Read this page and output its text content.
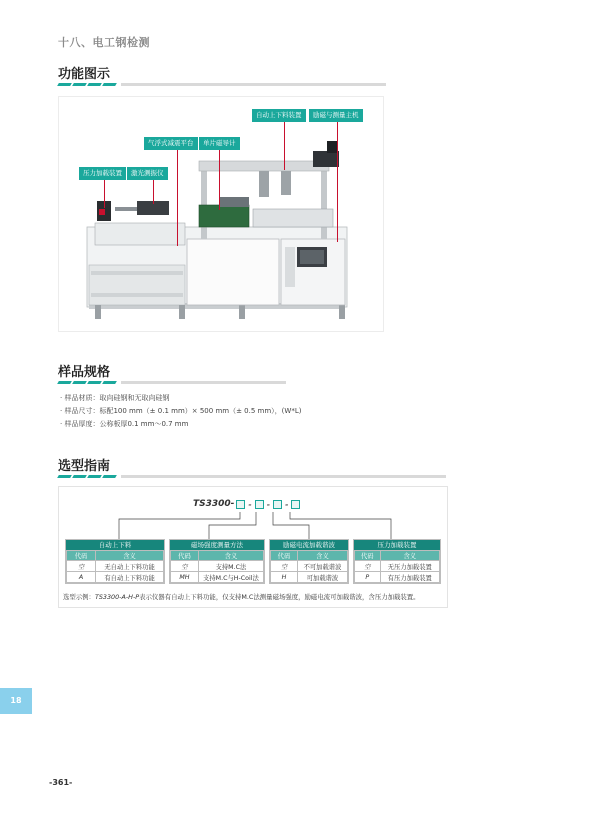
十八、电工钢检测
功能图示
自动上下料装置	励磁与测量主机
气浮式减震平台	单片磁导计
压力加载装置	激光测振仪
样品规格
· 样品材质：取向硅钢和无取向硅钢
· 样品尺寸：标配100 mm（± 0.1 mm）× 500 mm（± 0.5 mm），(W*L)
· 样品厚度：公称板厚0.1 mm～0.7 mm
选型指南
TS3300- - - -
自动上下料
代码	含义
空	无自动上下料功能
A	有自动上下料功能
磁场强度测量方法
代码	含义
空	支持M.C法
MH	支持M.C与H-Coil法
励磁电流加载谐波
代码	含义
空	不可加载谐波
H	可加载谐波
压力加载装置
代码	含义
空	无压力加载装置
P	有压力加载装置
选型示例：TS3300-A-H-P表示仪器有自动上下料功能，仅支持M.C法测量磁场强度，励磁电流可加载谐波，含压力加载装置。
18
-361-
